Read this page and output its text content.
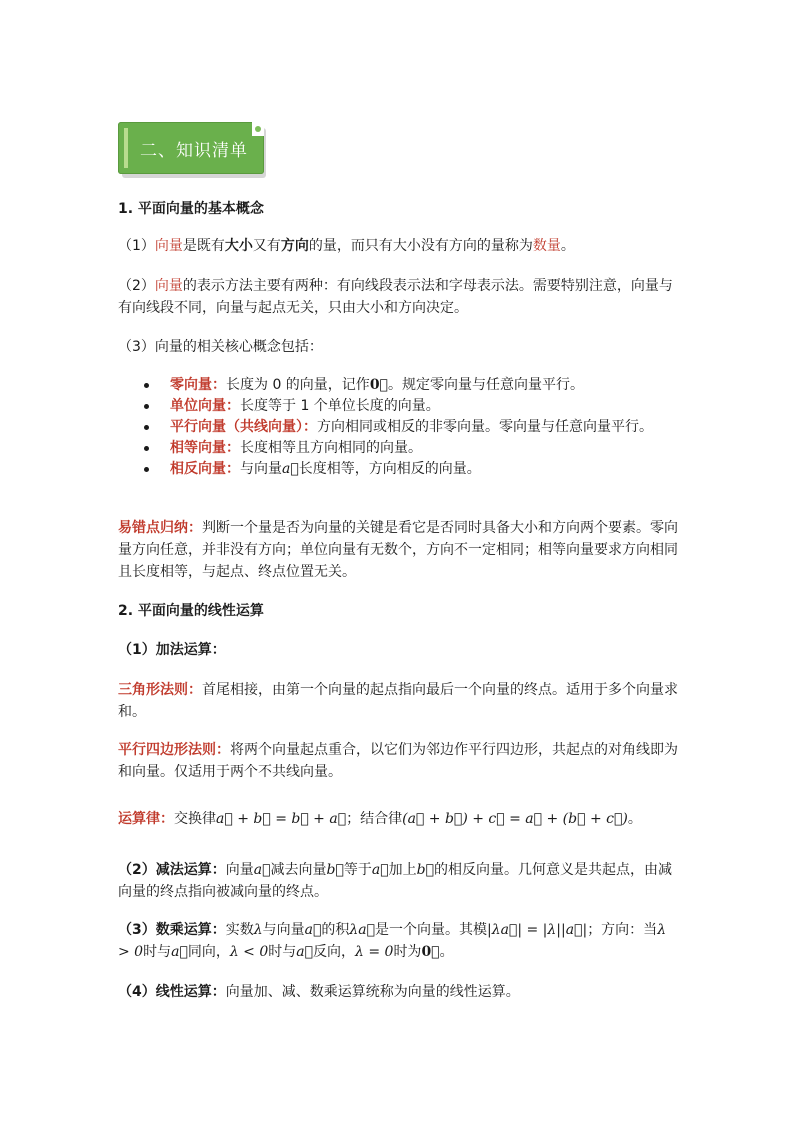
二、知识清单
1. 平面向量的基本概念
（1）向量是既有大小又有方向的量，而只有大小没有方向的量称为数量。
（2）向量的表示方法主要有两种：有向线段表示法和字母表示法。需要特别注意，向量与有向线段不同，向量与起点无关，只由大小和方向决定。
（3）向量的相关核心概念包括：
零向量：长度为 0 的向量，记作0⃗。规定零向量与任意向量平行。
单位向量：长度等于 1 个单位长度的向量。
平行向量（共线向量）：方向相同或相反的非零向量。零向量与任意向量平行。
相等向量：长度相等且方向相同的向量。
相反向量：与向量a⃗长度相等，方向相反的向量。
易错点归纳：判断一个量是否为向量的关键是看它是否同时具备大小和方向两个要素。零向量方向任意，并非没有方向；单位向量有无数个，方向不一定相同；相等向量要求方向相同且长度相等，与起点、终点位置无关。
2. 平面向量的线性运算
（1）加法运算：
三角形法则：首尾相接，由第一个向量的起点指向最后一个向量的终点。适用于多个向量求和。
平行四边形法则：将两个向量起点重合，以它们为邻边作平行四边形，共起点的对角线即为和向量。仅适用于两个不共线向量。
运算律：交换律a⃗ + b⃗ = b⃗ + a⃗；结合律(a⃗ + b⃗) + c⃗ = a⃗ + (b⃗ + c⃗)。
（2）减法运算：向量a⃗减去向量b⃗等于a⃗加上b⃗的相反向量。几何意义是共起点，由减向量的终点指向被减向量的终点。
（3）数乘运算：实数λ与向量a⃗的积λa⃗是一个向量。其模|λa⃗| = |λ||a⃗|；方向：当λ > 0时与a⃗同向，λ < 0时与a⃗反向，λ = 0时为0⃗。
（4）线性运算：向量加、减、数乘运算统称为向量的线性运算。
